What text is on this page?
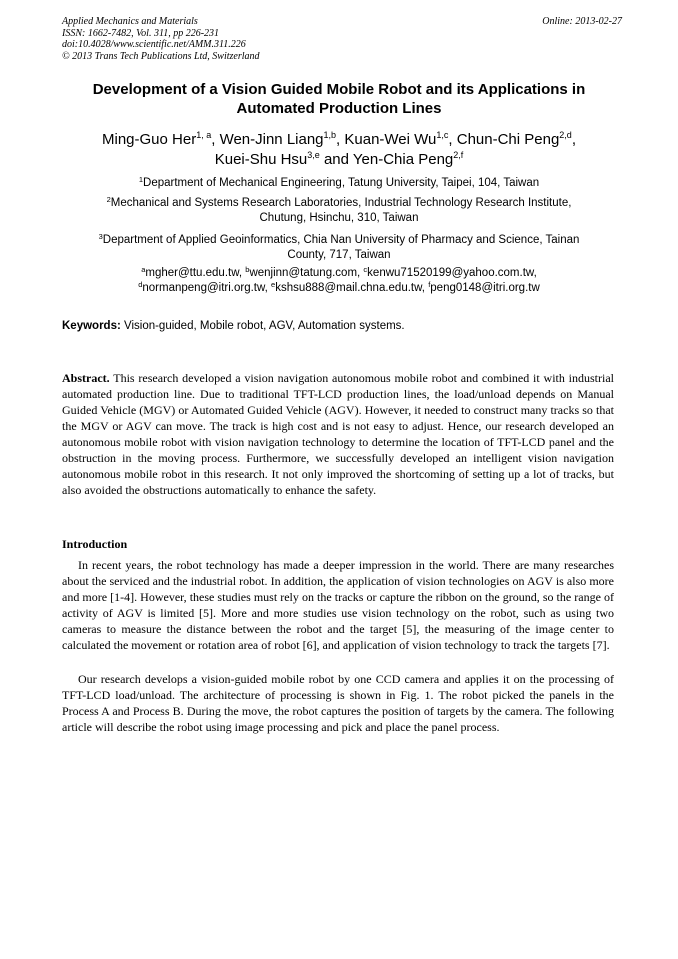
Applied Mechanics and Materials
ISSN: 1662-7482, Vol. 311, pp 226-231
doi:10.4028/www.scientific.net/AMM.311.226
© 2013 Trans Tech Publications Ltd, Switzerland
Online: 2013-02-27
Development of a Vision Guided Mobile Robot and its Applications in Automated Production Lines
Ming-Guo Her$^{1, a}$, Wen-Jinn Liang$^{1,b}$, Kuan-Wei Wu$^{1,c}$, Chun-Chi Peng$^{2,d}$,
Kuei-Shu Hsu$^{3,e}$ and Yen-Chia Peng$^{2,f}$
$^1$Department of Mechanical Engineering, Tatung University, Taipei, 104, Taiwan
$^2$Mechanical and Systems Research Laboratories, Industrial Technology Research Institute,
Chutung, Hsinchu, 310, Taiwan
$^3$Department of Applied Geoinformatics, Chia Nan University of Pharmacy and Science, Tainan
County, 717, Taiwan
$^a$mgher@ttu.edu.tw, $^b$wenjinn@tatung.com, $^c$kenwu71520199@yahoo.com.tw,
$^d$normanpeng@itri.org.tw, $^e$kshsu888@mail.chna.edu.tw, $^f$peng0148@itri.org.tw
Keywords: Vision-guided, Mobile robot, AGV, Automation systems.
Abstract. This research developed a vision navigation autonomous mobile robot and combined it with industrial automated production line. Due to traditional TFT-LCD production lines, the load/unload depends on Manual Guided Vehicle (MGV) or Automated Guided Vehicle (AGV). However, it needed to construct many tracks so that the MGV or AGV can move. The track is high cost and is not easy to adjust. Hence, our research developed an autonomous mobile robot with vision navigation technology to determine the location of TFT-LCD panel and the obstruction in the moving process. Furthermore, we successfully developed an intelligent vision navigation autonomous mobile robot in this research. It not only improved the shortcoming of setting up a lot of tracks, but also avoided the obstructions automatically to enhance the safety.
Introduction
In recent years, the robot technology has made a deeper impression in the world. There are many researches about the serviced and the industrial robot. In addition, the application of vision technologies on AGV is also more and more [1-4]. However, these studies must rely on the tracks or capture the ribbon on the ground, so the range of activity of AGV is limited [5]. More and more studies use vision technology on the robot, such as using two cameras to measure the distance between the robot and the target [5], the measuring of the image center to calculated the movement or rotation area of robot [6], and application of vision technology to track the targets [7].
Our research develops a vision-guided mobile robot by one CCD camera and applies it on the processing of TFT-LCD load/unload. The architecture of processing is shown in Fig. 1. The robot picked the panels in the Process A and Process B. During the move, the robot captures the position of targets by the camera. The following article will describe the robot using image processing and pick and place the panel process.
